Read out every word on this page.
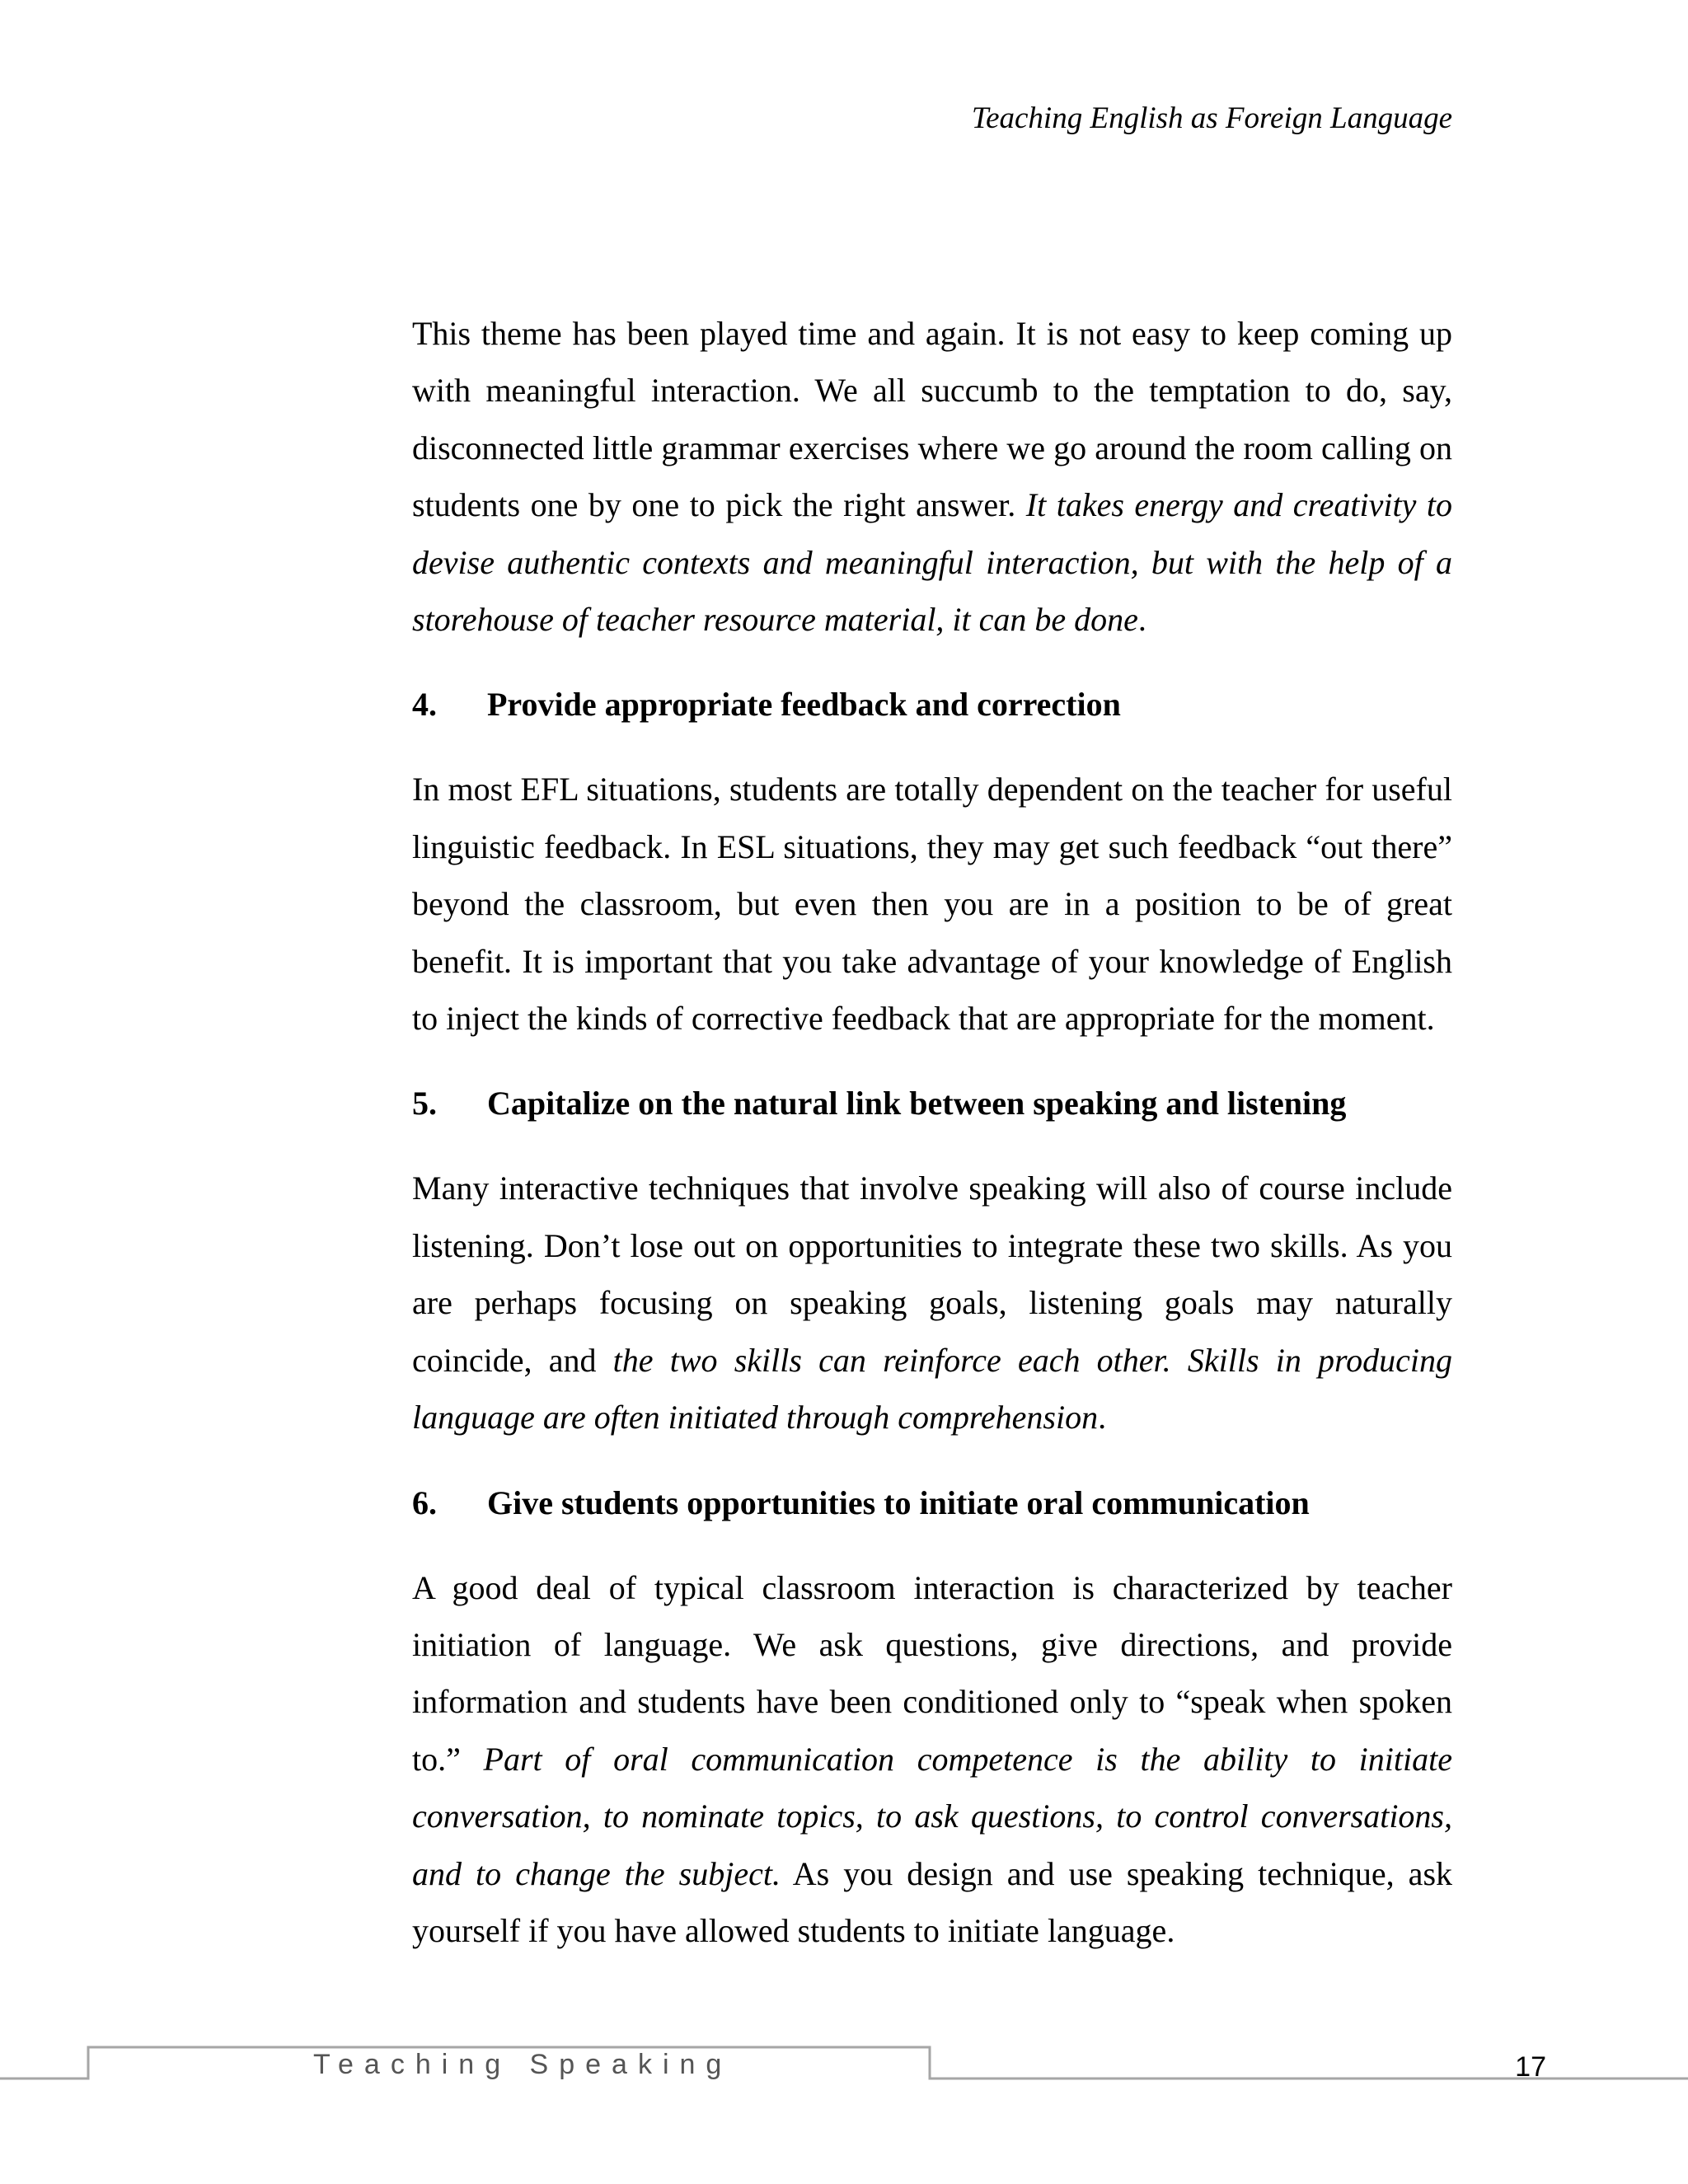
Teaching English as Foreign Language

This theme has been played time and again. It is not easy to keep coming up with meaningful interaction. We all succumb to the temptation to do, say, disconnected little grammar exercises where we go around the room calling on students one by one to pick the right answer. It takes energy and creativity to devise authentic contexts and meaningful interaction, but with the help of a storehouse of teacher resource material, it can be done.

4.	Provide appropriate feedback and correction

In most EFL situations, students are totally dependent on the teacher for useful linguistic feedback. In ESL situations, they may get such feedback “out there” beyond the classroom, but even then you are in a position to be of great benefit. It is important that you take advantage of your knowledge of English to inject the kinds of corrective feedback that are appropriate for the moment.

5.	Capitalize on the natural link between speaking and listening

Many interactive techniques that involve speaking will also of course include listening. Don’t lose out on opportunities to integrate these two skills. As you are perhaps focusing on speaking goals, listening goals may naturally coincide, and the two skills can reinforce each other. Skills in producing language are often initiated through comprehension.

6.	Give students opportunities to initiate oral communication

A good deal of typical classroom interaction is characterized by teacher initiation of language. We ask questions, give directions, and provide information and students have been conditioned only to “speak when spoken to.” Part of oral communication competence is the ability to initiate conversation, to nominate topics, to ask questions, to control conversations, and to change the subject. As you design and use speaking technique, ask yourself if you have allowed students to initiate language.

Teaching Speaking	17
